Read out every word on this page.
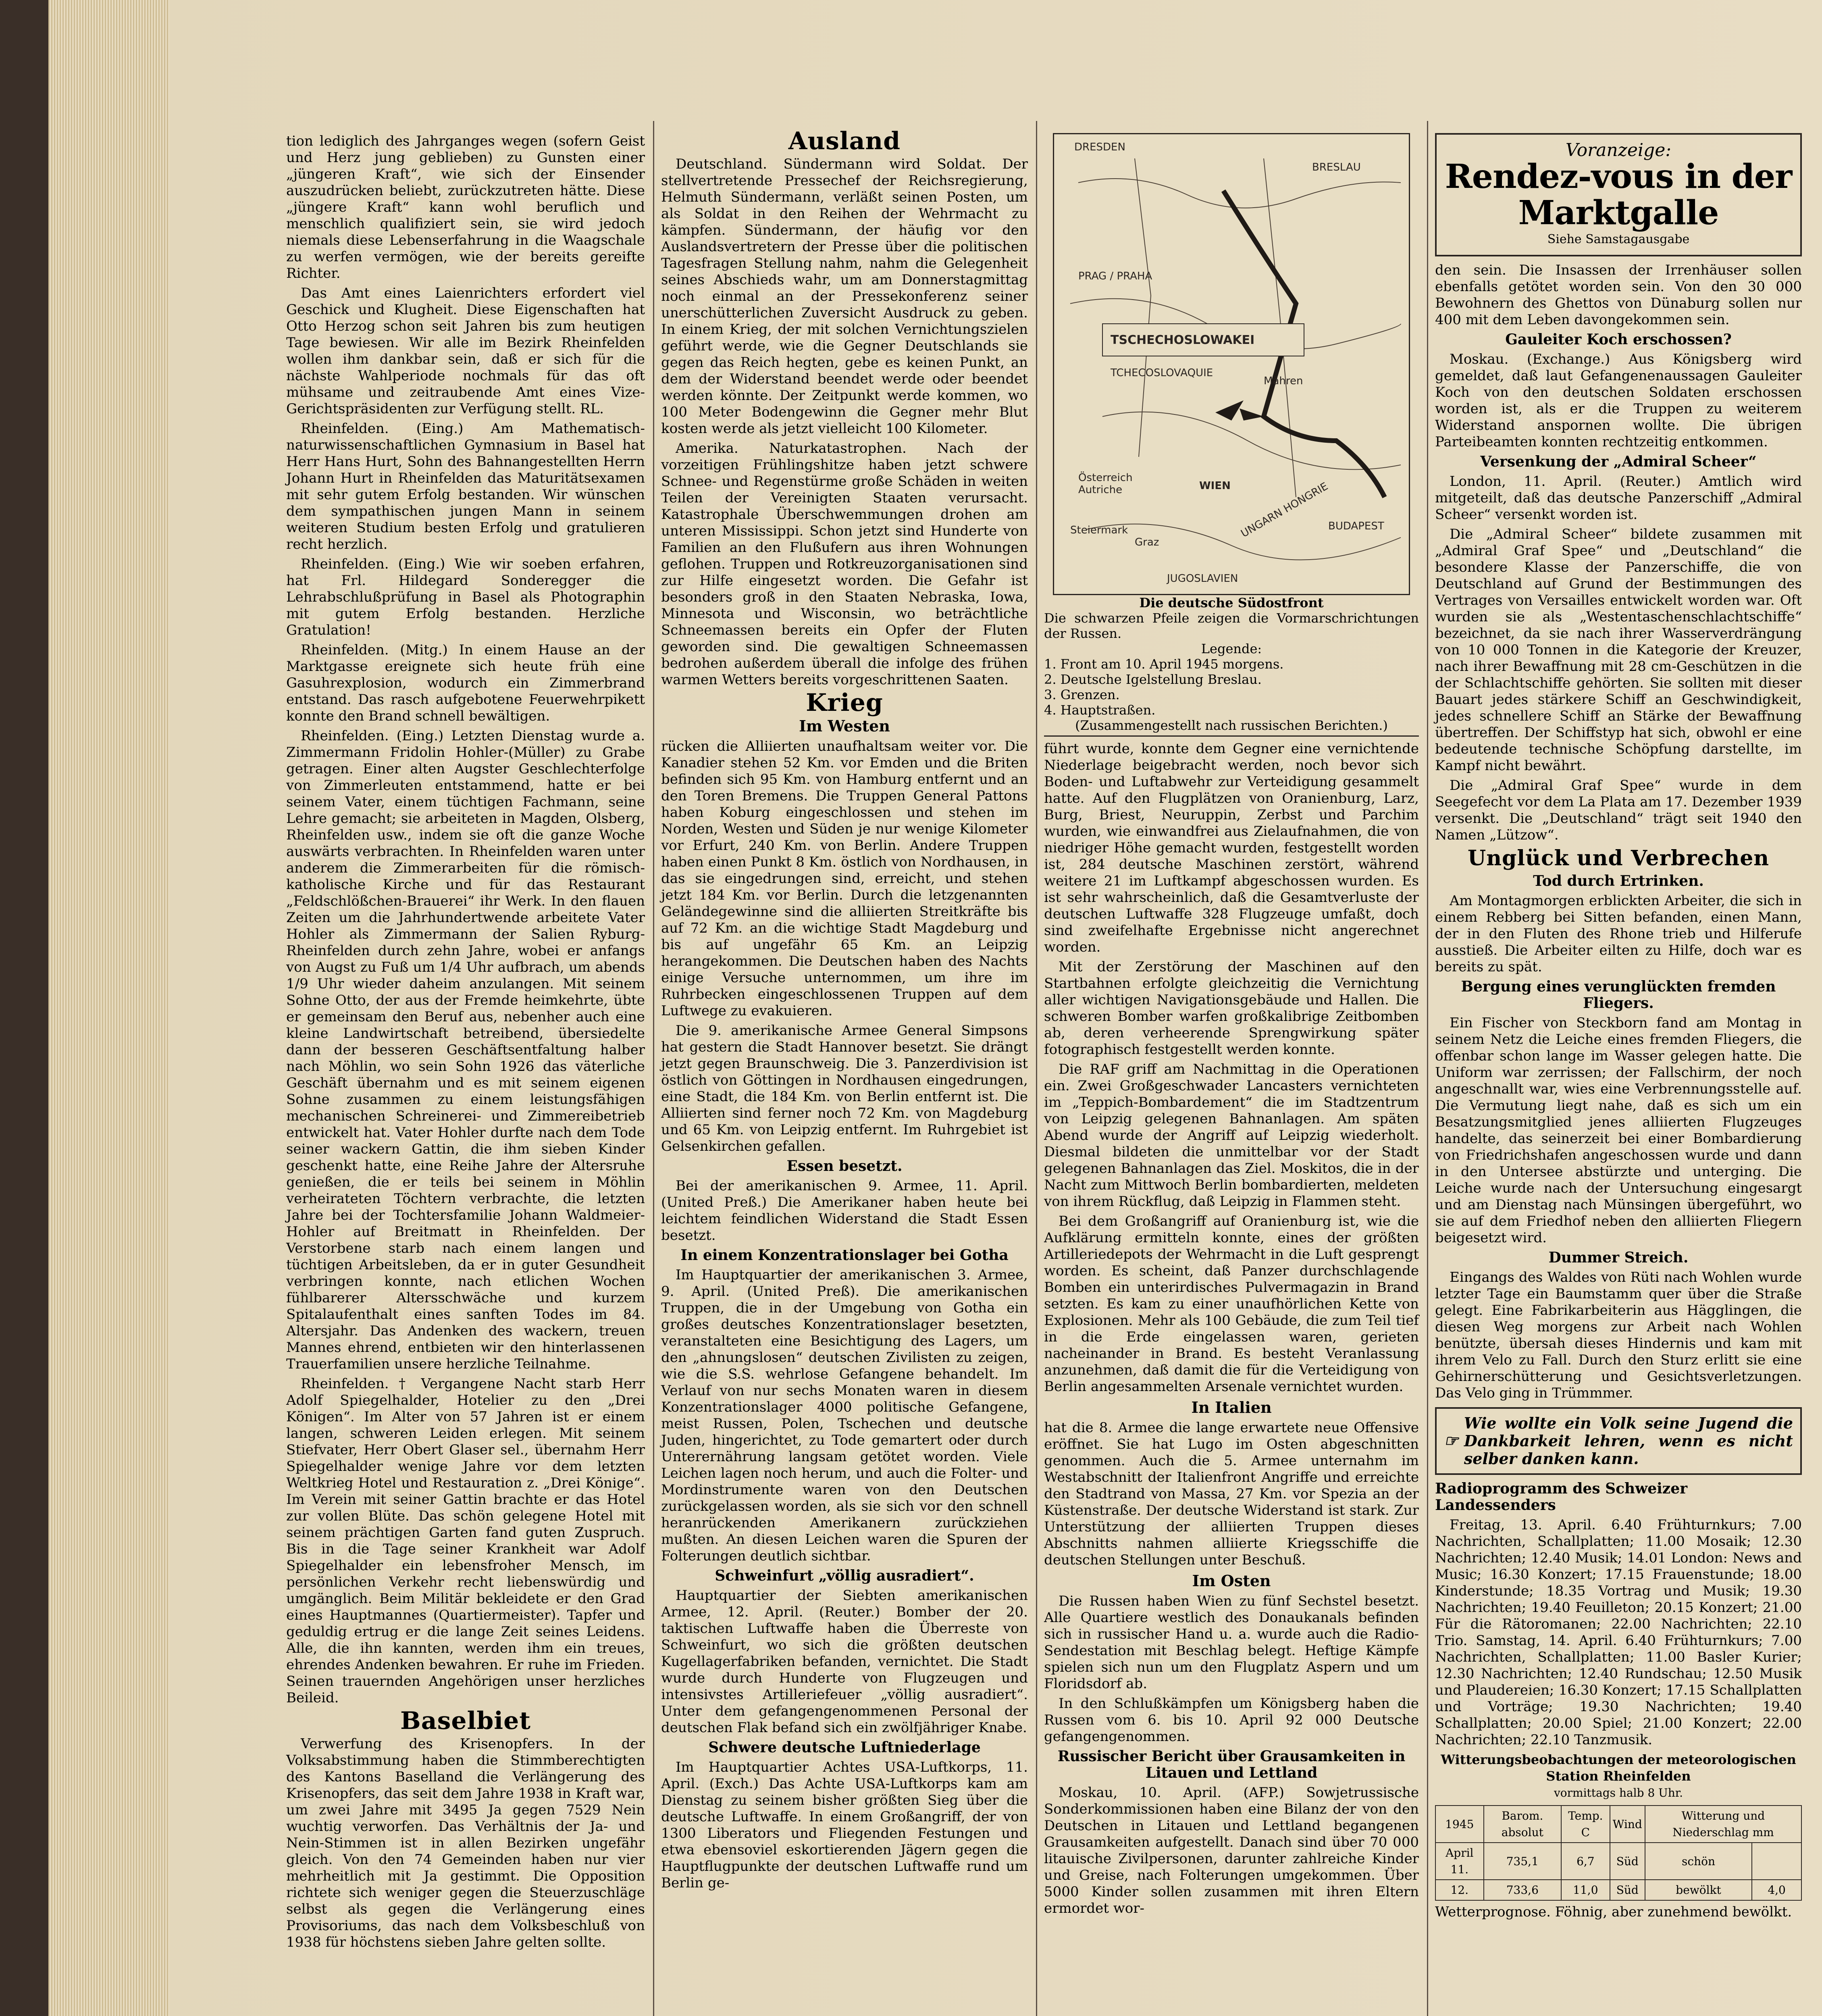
tion lediglich des Jahrganges wegen (sofern Geist und Herz jung geblieben) zu Gunsten einer „jüngeren Kraft“, wie sich der Einsender auszudrücken beliebt, zurückzutreten hätte. Diese „jüngere Kraft“ kann wohl beruflich und menschlich qualifiziert sein, sie wird jedoch niemals diese Lebenserfahrung in die Waagschale zu werfen vermögen, wie der bereits gereifte Richter.

Das Amt eines Laienrichters erfordert viel Geschick und Klugheit. Diese Eigenschaften hat Otto Herzog schon seit Jahren bis zum heutigen Tage bewiesen. Wir alle im Bezirk Rheinfelden wollen ihm dankbar sein, daß er sich für die nächste Wahlperiode nochmals für das oft mühsame und zeitraubende Amt eines Vize-Gerichtspräsidenten zur Verfügung stellt. RL.

Rheinfelden. (Eing.) Am Mathematisch-naturwissenschaftlichen Gymnasium in Basel hat Herr Hans Hurt, Sohn des Bahnangestellten Herrn Johann Hurt in Rheinfelden das Maturitätsexamen mit sehr gutem Erfolg bestanden. Wir wünschen dem sympathischen jungen Mann in seinem weiteren Studium besten Erfolg und gratulieren recht herzlich.

Rheinfelden. (Eing.) Wie wir soeben erfahren, hat Frl. Hildegard Sonderegger die Lehrabschlußprüfung in Basel als Photographin mit gutem Erfolg bestanden. Herzliche Gratulation!

Rheinfelden. (Mitg.) In einem Hause an der Marktgasse ereignete sich heute früh eine Gasuhrexplosion, wodurch ein Zimmerbrand entstand. Das rasch aufgebotene Feuerwehrpikett konnte den Brand schnell bewältigen.

Rheinfelden. (Eing.) Letzten Dienstag wurde a. Zimmermann Fridolin Hohler-(Müller) zu Grabe getragen. Einer alten Augster Geschlechterfolge von Zimmerleuten entstammend, hatte er bei seinem Vater, einem tüchtigen Fachmann, seine Lehre gemacht; sie arbeiteten in Magden, Olsberg, Rheinfelden usw., indem sie oft die ganze Woche auswärts verbrachten. In Rheinfelden waren unter anderem die Zimmerarbeiten für die römisch-katholische Kirche und für das Restaurant „Feldschlößchen-Brauerei“ ihr Werk. In den flauen Zeiten um die Jahrhundertwende arbeitete Vater Hohler als Zimmermann der Salien Ryburg-Rheinfelden durch zehn Jahre, wobei er anfangs von Augst zu Fuß um 1/4 Uhr aufbrach, um abends 1/9 Uhr wieder daheim anzulangen. Mit seinem Sohne Otto, der aus der Fremde heimkehrte, übte er gemeinsam den Beruf aus, nebenher auch eine kleine Landwirtschaft betreibend, übersiedelte dann der besseren Geschäftsentfaltung halber nach Möhlin, wo sein Sohn 1926 das väterliche Geschäft übernahm und es mit seinem eigenen Sohne zusammen zu einem leistungsfähigen mechanischen Schreinerei- und Zimmereibetrieb entwickelt hat. Vater Hohler durfte nach dem Tode seiner wackern Gattin, die ihm sieben Kinder geschenkt hatte, eine Reihe Jahre der Altersruhe genießen, die er teils bei seinem in Möhlin verheirateten Töchtern verbrachte, die letzten Jahre bei der Tochtersfamilie Johann Waldmeier-Hohler auf Breitmatt in Rheinfelden. Der Verstorbene starb nach einem langen und tüchtigen Arbeitsleben, da er in guter Gesundheit verbringen konnte, nach etlichen Wochen fühlbarerer Altersschwäche und kurzem Spitalaufenthalt eines sanften Todes im 84. Altersjahr. Das Andenken des wackern, treuen Mannes ehrend, entbieten wir den hinterlassenen Trauerfamilien unsere herzliche Teilnahme.

Rheinfelden. † Vergangene Nacht starb Herr Adolf Spiegelhalder, Hotelier zu den „Drei Königen“. Im Alter von 57 Jahren ist er einem langen, schweren Leiden erlegen. Mit seinem Stiefvater, Herr Obert Glaser sel., übernahm Herr Spiegelhalder wenige Jahre vor dem letzten Weltkrieg Hotel und Restauration z. „Drei Könige“. Im Verein mit seiner Gattin brachte er das Hotel zur vollen Blüte. Das schön gelegene Hotel mit seinem prächtigen Garten fand guten Zuspruch. Bis in die Tage seiner Krankheit war Adolf Spiegelhalder ein lebensfroher Mensch, im persönlichen Verkehr recht liebenswürdig und umgänglich. Beim Militär bekleidete er den Grad eines Hauptmannes (Quartiermeister). Tapfer und geduldig ertrug er die lange Zeit seines Leidens. Alle, die ihn kannten, werden ihm ein treues, ehrendes Andenken bewahren. Er ruhe im Frieden. Seinen trauernden Angehörigen unser herzliches Beileid.

Baselbiet

Verwerfung des Krisenopfers. In der Volksabstimmung haben die Stimmberechtigten des Kantons Baselland die Verlängerung des Krisenopfers, das seit dem Jahre 1938 in Kraft war, um zwei Jahre mit 3495 Ja gegen 7529 Nein wuchtig verworfen. Das Verhältnis der Ja- und Nein-Stimmen ist in allen Bezirken ungefähr gleich. Von den 74 Gemeinden haben nur vier mehrheitlich mit Ja gestimmt. Die Opposition richtete sich weniger gegen die Steuerzuschläge selbst als gegen die Verlängerung eines Provisoriums, das nach dem Volksbeschluß von 1938 für höchstens sieben Jahre gelten sollte.

Ausland

Deutschland. Sündermann wird Soldat. Der stellvertretende Pressechef der Reichsregierung, Helmuth Sündermann, verläßt seinen Posten, um als Soldat in den Reihen der Wehrmacht zu kämpfen. Sündermann, der häufig vor den Auslandsvertretern der Presse über die politischen Tagesfragen Stellung nahm, nahm die Gelegenheit seines Abschieds wahr, um am Donnerstagmittag noch einmal an der Pressekonferenz seiner unerschütterlichen Zuversicht Ausdruck zu geben. In einem Krieg, der mit solchen Vernichtungszielen geführt werde, wie die Gegner Deutschlands sie gegen das Reich hegten, gebe es keinen Punkt, an dem der Widerstand beendet werde oder beendet werden könnte. Der Zeitpunkt werde kommen, wo 100 Meter Bodengewinn die Gegner mehr Blut kosten werde als jetzt vielleicht 100 Kilometer.

Amerika. Naturkatastrophen. Nach der vorzeitigen Frühlingshitze haben jetzt schwere Schnee- und Regenstürme große Schäden in weiten Teilen der Vereinigten Staaten verursacht. Katastrophale Überschwemmungen drohen am unteren Mississippi. Schon jetzt sind Hunderte von Familien an den Flußufern aus ihren Wohnungen geflohen. Truppen und Rotkreuzorganisationen sind zur Hilfe eingesetzt worden. Die Gefahr ist besonders groß in den Staaten Nebraska, Iowa, Minnesota und Wisconsin, wo beträchtliche Schneemassen bereits ein Opfer der Fluten geworden sind. Die gewaltigen Schneemassen bedrohen außerdem überall die infolge des frühen warmen Wetters bereits vorgeschrittenen Saaten.

Krieg
Im Westen

rücken die Alliierten unaufhaltsam weiter vor. Die Kanadier stehen 52 Km. vor Emden und die Briten befinden sich 95 Km. von Hamburg entfernt und an den Toren Bremens. Die Truppen General Pattons haben Koburg eingeschlossen und stehen im Norden, Westen und Süden je nur wenige Kilometer vor Erfurt, 240 Km. von Berlin. Andere Truppen haben einen Punkt 8 Km. östlich von Nordhausen, in das sie eingedrungen sind, erreicht, und stehen jetzt 184 Km. vor Berlin. Durch die letzgenannten Geländegewinne sind die alliierten Streitkräfte bis auf 72 Km. an die wichtige Stadt Magdeburg und bis auf ungefähr 65 Km. an Leipzig herangekommen. Die Deutschen haben des Nachts einige Versuche unternommen, um ihre im Ruhrbecken eingeschlossenen Truppen auf dem Luftwege zu evakuieren.

Die 9. amerikanische Armee General Simpsons hat gestern die Stadt Hannover besetzt. Sie drängt jetzt gegen Braunschweig. Die 3. Panzerdivision ist östlich von Göttingen in Nordhausen eingedrungen, eine Stadt, die 184 Km. von Berlin entfernt ist. Die Alliierten sind ferner noch 72 Km. von Magdeburg und 65 Km. von Leipzig entfernt. Im Ruhrgebiet ist Gelsenkirchen gefallen.

Essen besetzt.

Bei der amerikanischen 9. Armee, 11. April. (United Preß.) Die Amerikaner haben heute bei leichtem feindlichen Widerstand die Stadt Essen besetzt.

In einem Konzentrationslager bei Gotha

Im Hauptquartier der amerikanischen 3. Armee, 9. April. (United Preß). Die amerikanischen Truppen, die in der Umgebung von Gotha ein großes deutsches Konzentrationslager besetzten, veranstalteten eine Besichtigung des Lagers, um den „ahnungslosen“ deutschen Zivilisten zu zeigen, wie die S.S. wehrlose Gefangene behandelt. Im Verlauf von nur sechs Monaten waren in diesem Konzentrationslager 4000 politische Gefangene, meist Russen, Polen, Tschechen und deutsche Juden, hingerichtet, zu Tode gemartert oder durch Unterernährung langsam getötet worden. Viele Leichen lagen noch herum, und auch die Folter- und Mordinstrumente waren von den Deutschen zurückgelassen worden, als sie sich vor den schnell heranrückenden Amerikanern zurückziehen mußten. An diesen Leichen waren die Spuren der Folterungen deutlich sichtbar.

Schweinfurt „völlig ausradiert“.

Hauptquartier der Siebten amerikanischen Armee, 12. April. (Reuter.) Bomber der 20. taktischen Luftwaffe haben die Überreste von Schweinfurt, wo sich die größten deutschen Kugellagerfabriken befanden, vernichtet. Die Stadt wurde durch Hunderte von Flugzeugen und intensivstes Artilleriefeuer „völlig ausradiert“. Unter dem gefangengenommenen Personal der deutschen Flak befand sich ein zwölfjähriger Knabe.

Schwere deutsche Luftniederlage

Im Hauptquartier Achtes USA-Luftkorps, 11. April. (Exch.) Das Achte USA-Luftkorps kam am Dienstag zu seinem bisher größten Sieg über die deutsche Luftwaffe. In einem Großangriff, der von 1300 Liberators und Fliegenden Festungen und etwa ebensoviel eskortierenden Jägern gegen die Hauptflugpunkte der deutschen Luftwaffe rund um Berlin ge-

DRESDEN
BRESLAU
PRAG / PRAHA
TSCHECHOSLOWAKEI
TCHECOSLOVAQUIE
Mähren
WIEN
BUDAPEST
Österreich
Autriche
Steiermark
Graz
UNGARN HONGRIE
JUGOSLAVIEN
Die deutsche Südostfront
Die schwarzen Pfeile zeigen die Vormarschrichtungen der Russen.
Legende:
1. Front am 10. April 1945 morgens.
2. Deutsche Igelstellung Breslau.
3. Grenzen.
4. Hauptstraßen.
(Zusammengestellt nach russischen Berichten.)

führt wurde, konnte dem Gegner eine vernichtende Niederlage beigebracht werden, noch bevor sich Boden- und Luftabwehr zur Verteidigung gesammelt hatte. Auf den Flugplätzen von Oranienburg, Larz, Burg, Briest, Neuruppin, Zerbst und Parchim wurden, wie einwandfrei aus Zielaufnahmen, die von niedriger Höhe gemacht wurden, festgestellt worden ist, 284 deutsche Maschinen zerstört, während weitere 21 im Luftkampf abgeschossen wurden. Es ist sehr wahrscheinlich, daß die Gesamtverluste der deutschen Luftwaffe 328 Flugzeuge umfaßt, doch sind zweifelhafte Ergebnisse nicht angerechnet worden.

Mit der Zerstörung der Maschinen auf den Startbahnen erfolgte gleichzeitig die Vernichtung aller wichtigen Navigationsgebäude und Hallen. Die schweren Bomber warfen großkalibrige Zeitbomben ab, deren verheerende Sprengwirkung später fotographisch festgestellt werden konnte.

Die RAF griff am Nachmittag in die Operationen ein. Zwei Großgeschwader Lancasters vernichteten im „Teppich-Bombardement“ die im Stadtzentrum von Leipzig gelegenen Bahnanlagen. Am späten Abend wurde der Angriff auf Leipzig wiederholt. Diesmal bildeten die unmittelbar vor der Stadt gelegenen Bahnanlagen das Ziel. Moskitos, die in der Nacht zum Mittwoch Berlin bombardierten, meldeten von ihrem Rückflug, daß Leipzig in Flammen steht.

Bei dem Großangriff auf Oranienburg ist, wie die Aufklärung ermitteln konnte, eines der größten Artilleriedepots der Wehrmacht in die Luft gesprengt worden. Es scheint, daß Panzer durchschlagende Bomben ein unterirdisches Pulvermagazin in Brand setzten. Es kam zu einer unaufhörlichen Kette von Explosionen. Mehr als 100 Gebäude, die zum Teil tief in die Erde eingelassen waren, gerieten nacheinander in Brand. Es besteht Veranlassung anzunehmen, daß damit die für die Verteidigung von Berlin angesammelten Arsenale vernichtet wurden.

In Italien

hat die 8. Armee die lange erwartete neue Offensive eröffnet. Sie hat Lugo im Osten abgeschnitten genommen. Auch die 5. Armee unternahm im Westabschnitt der Italienfront Angriffe und erreichte den Stadtrand von Massa, 27 Km. vor Spezia an der Küstenstraße. Der deutsche Widerstand ist stark. Zur Unterstützung der alliierten Truppen dieses Abschnitts nahmen alliierte Kriegsschiffe die deutschen Stellungen unter Beschuß.

Im Osten

Die Russen haben Wien zu fünf Sechstel besetzt. Alle Quartiere westlich des Donaukanals befinden sich in russischer Hand u. a. wurde auch die Radio-Sendestation mit Beschlag belegt. Heftige Kämpfe spielen sich nun um den Flugplatz Aspern und um Floridsdorf ab.

In den Schlußkämpfen um Königsberg haben die Russen vom 6. bis 10. April 92 000 Deutsche gefangengenommen.

Russischer Bericht über Grausamkeiten in Litauen und Lettland

Moskau, 10. April. (AFP.) Sowjetrussische Sonderkommissionen haben eine Bilanz der von den Deutschen in Litauen und Lettland begangenen Grausamkeiten aufgestellt. Danach sind über 70 000 litauische Zivilpersonen, darunter zahlreiche Kinder und Greise, nach Folterungen umgekommen. Über 5000 Kinder sollen zusammen mit ihren Eltern ermordet wor-

Voranzeige:
Rendez-vous in der Marktgalle
Siehe Samstagausgabe

den sein. Die Insassen der Irrenhäuser sollen ebenfalls getötet worden sein. Von den 30 000 Bewohnern des Ghettos von Dünaburg sollen nur 400 mit dem Leben davongekommen sein.

Gauleiter Koch erschossen?

Moskau. (Exchange.) Aus Königsberg wird gemeldet, daß laut Gefangenenaussagen Gauleiter Koch von den deutschen Soldaten erschossen worden ist, als er die Truppen zu weiterem Widerstand anspornen wollte. Die übrigen Parteibeamten konnten rechtzeitig entkommen.

Versenkung der „Admiral Scheer“

London, 11. April. (Reuter.) Amtlich wird mitgeteilt, daß das deutsche Panzerschiff „Admiral Scheer“ versenkt worden ist.

Die „Admiral Scheer“ bildete zusammen mit „Admiral Graf Spee“ und „Deutschland“ die besondere Klasse der Panzerschiffe, die von Deutschland auf Grund der Bestimmungen des Vertrages von Versailles entwickelt worden war. Oft wurden sie als „Westentaschenschlachtschiffe“ bezeichnet, da sie nach ihrer Wasserverdrängung von 10 000 Tonnen in die Kategorie der Kreuzer, nach ihrer Bewaffnung mit 28 cm-Geschützen in die der Schlachtschiffe gehörten. Sie sollten mit dieser Bauart jedes stärkere Schiff an Geschwindigkeit, jedes schnellere Schiff an Stärke der Bewaffnung übertreffen. Der Schiffstyp hat sich, obwohl er eine bedeutende technische Schöpfung darstellte, im Kampf nicht bewährt.

Die „Admiral Graf Spee“ wurde in dem Seegefecht vor dem La Plata am 17. Dezember 1939 versenkt. Die „Deutschland“ trägt seit 1940 den Namen „Lützow“.

Unglück und Verbrechen
Tod durch Ertrinken.

Am Montagmorgen erblickten Arbeiter, die sich in einem Rebberg bei Sitten befanden, einen Mann, der in den Fluten des Rhone trieb und Hilferufe ausstieß. Die Arbeiter eilten zu Hilfe, doch war es bereits zu spät.

Bergung eines verunglückten fremden Fliegers.

Ein Fischer von Steckborn fand am Montag in seinem Netz die Leiche eines fremden Fliegers, die offenbar schon lange im Wasser gelegen hatte. Die Uniform war zerrissen; der Fallschirm, der noch angeschnallt war, wies eine Verbrennungsstelle auf. Die Vermutung liegt nahe, daß es sich um ein Besatzungsmitglied jenes alliierten Flugzeuges handelte, das seinerzeit bei einer Bombardierung von Friedrichshafen angeschossen wurde und dann in den Untersee abstürzte und unterging. Die Leiche wurde nach der Untersuchung eingesargt und am Dienstag nach Münsingen übergeführt, wo sie auf dem Friedhof neben den alliierten Fliegern beigesetzt wird.

Dummer Streich.

Eingangs des Waldes von Rüti nach Wohlen wurde letzter Tage ein Baumstamm quer über die Straße gelegt. Eine Fabrikarbeiterin aus Hägglingen, die diesen Weg morgens zur Arbeit nach Wohlen benützte, übersah dieses Hindernis und kam mit ihrem Velo zu Fall. Durch den Sturz erlitt sie eine Gehirnerschütterung und Gesichtsverletzungen. Das Velo ging in Trümmmer.

☞
Wie wollte ein Volk seine Jugend die Dankbarkeit lehren, wenn es nicht selber danken kann.
Radioprogramm des Schweizer Landessenders

Freitag, 13. April. 6.40 Frühturnkurs; 7.00 Nachrichten, Schallplatten; 11.00 Mosaik; 12.30 Nachrichten; 12.40 Musik; 14.01 London: News and Music; 16.30 Konzert; 17.15 Frauenstunde; 18.00 Kinderstunde; 18.35 Vortrag und Musik; 19.30 Nachrichten; 19.40 Feuilleton; 20.15 Konzert; 21.00 Für die Rätoromanen; 22.00 Nachrichten; 22.10 Trio. Samstag, 14. April. 6.40 Frühturnkurs; 7.00 Nachrichten, Schallplatten; 11.00 Basler Kurier; 12.30 Nachrichten; 12.40 Rundschau; 12.50 Musik und Plaudereien; 16.30 Konzert; 17.15 Schallplatten und Vorträge; 19.30 Nachrichten; 19.40 Schallplatten; 20.00 Spiel; 21.00 Konzert; 22.00 Nachrichten; 22.10 Tanzmusik.

Witterungsbeobachtungen der meteorologischen Station Rheinfelden
vormittags halb 8 Uhr.
1945	Barom. absolut	Temp. C	Wind	Witterung und Niederschlag mm	
April 11.	735,1	6,7	Süd	schön	
12.	733,6	11,0	Süd	bewölkt	4,0

Wetterprognose. Föhnig, aber zunehmend bewölkt.
